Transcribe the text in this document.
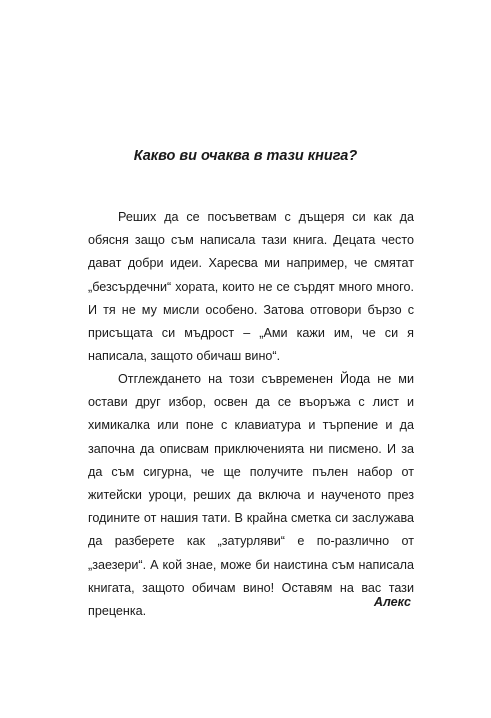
Какво ви очаква в тази книга?

Реших да се посъветвам с дъщеря си как да обясня защо съм написала тази книга. Децата често дават добри идеи. Харесва ми например, че смятат „безсърдечни“ хората, които не се сърдят много много. И тя не му мисли особено. Затова отговори бързо с присъщата си мъдрост – „Ами кажи им, че си я написала, защото обичаш вино“.

Отглеждането на този съвременен Йода не ми остави друг избор, освен да се въоръжа с лист и химикалка или поне с клавиатура и търпение и да започна да описвам приключенията ни писмено. И за да съм сигурна, че ще получите пълен набор от житейски уроци, реших да включа и наученото през годините от нашия тати. В крайна сметка си заслужава да разберете как „затурляви“ е по-различно от „заезери“. А кой знае, може би наистина съм написала книгата, защото обичам вино! Оставям на вас тази преценка.

Алекс
